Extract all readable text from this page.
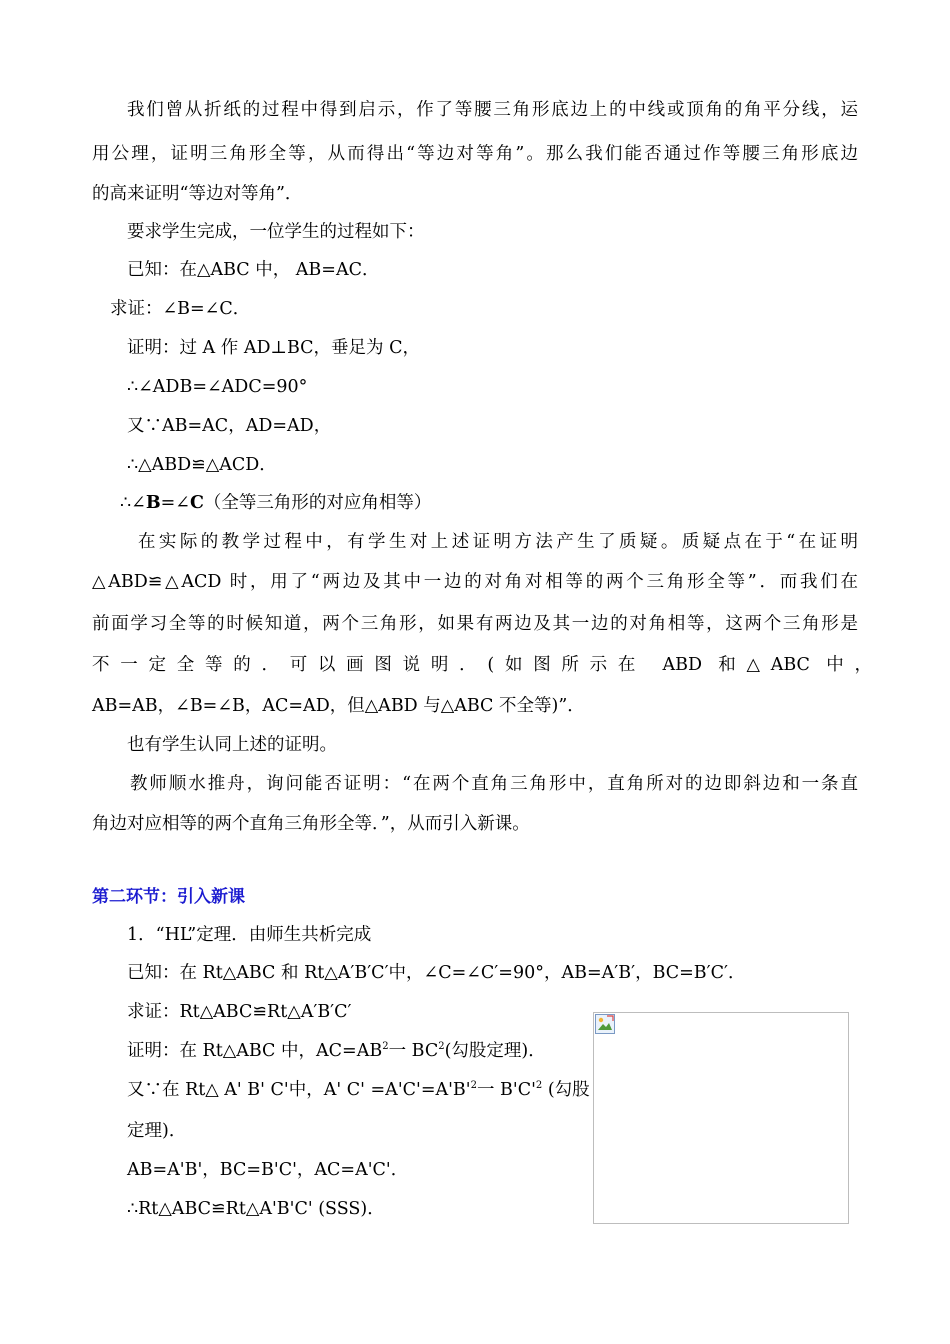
我们曾从折纸的过程中得到启示，作了等腰三角形底边上的中线或顶角的角平分线，运
用公理，证明三角形全等，从而得出“等边对等角”。那么我们能否通过作等腰三角形底边
的高来证明“等边对等角”．
要求学生完成，一位学生的过程如下：
已知：在△ABC 中， AB=AC．
求证：∠B=∠C．
证明：过 A 作 AD⊥BC，垂足为 C，
∴∠ADB=∠ADC=90°
又∵AB=AC，AD=AD，
∴△ABD≌△ACD．
∴∠B=∠C（全等三角形的对应角相等）
在实际的教学过程中，有学生对上述证明方法产生了质疑。质疑点在于“在证明
△ABD≌△ACD 时，用了“两边及其中一边的对角对相等的两个三角形全等”．而我们在
前面学习全等的时候知道，两个三角形，如果有两边及其一边的对角相等，这两个三角形是
不一定全等的．可以画图说明．(如图所示在 ABD 和△ABC 中，
AB=AB，∠B=∠B，AC=AD，但△ABD 与△ABC 不全等)”．
也有学生认同上述的证明。
教师顺水推舟，询问能否证明：“在两个直角三角形中，直角所对的边即斜边和一条直
角边对应相等的两个直角三角形全等．”，从而引入新课。
第二环节：引入新课
1．“HL”定理．由师生共析完成
已知：在 Rt△ABC 和 Rt△A′B′C′中，∠C=∠C′=90°，AB=A′B′，BC=B′C′．
求证：Rt△ABC≌Rt△A′B′C′
证明：在 Rt△ABC 中，$AC=AB^2$一 $BC^2$(勾股定理)．
又∵在 Rt△ A' B' C'中，A' $C' =A'C'=A'B'^2$一 $B'C'^2$ (勾股
定理)．
AB=A'B'，BC=B'C'，AC=A'C'．
∴Rt△ABC≌Rt△A'B'C' (SSS)．
